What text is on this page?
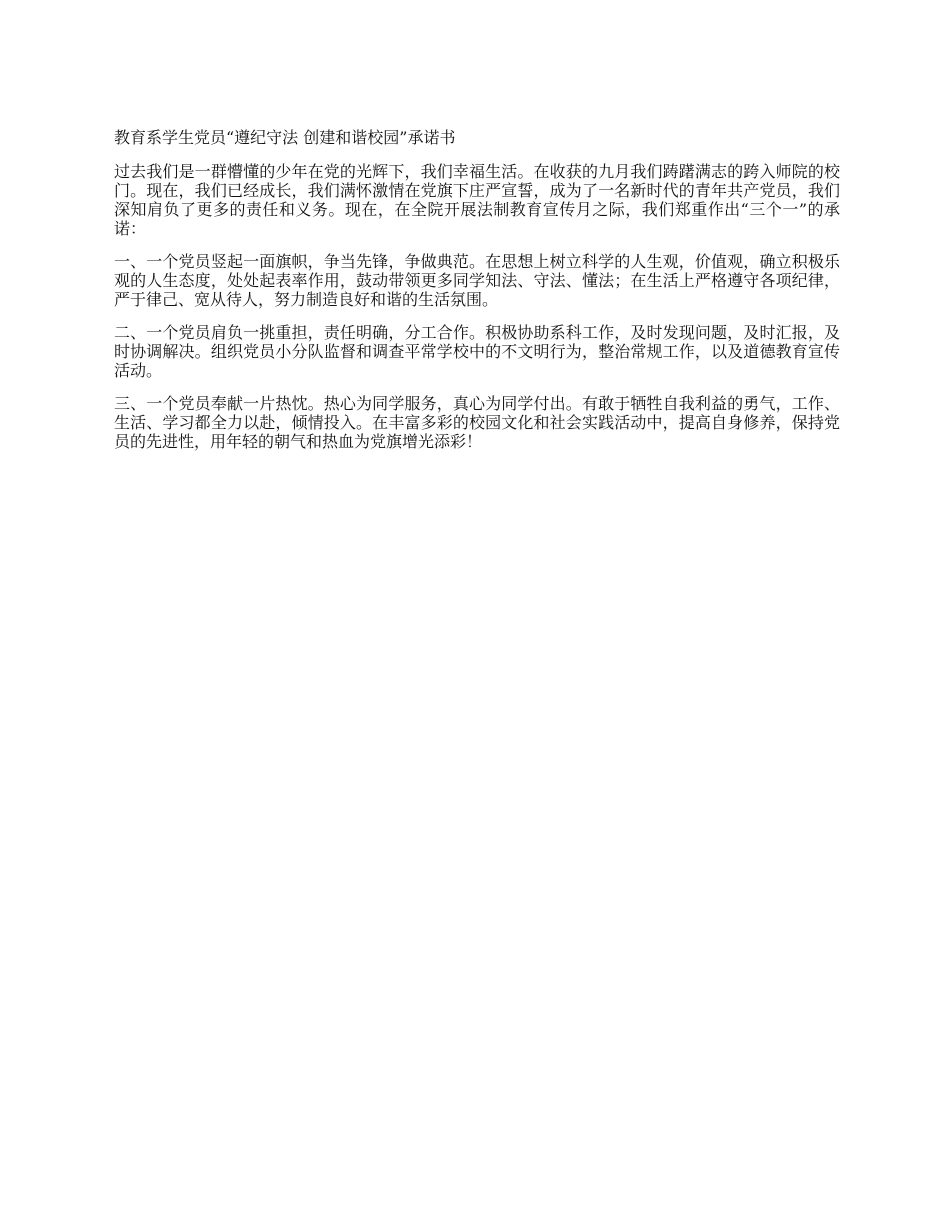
教育系学生党员“遵纪守法 创建和谐校园”承诺书

过去我们是一群懵懂的少年在党的光辉下，我们幸福生活。在收获的九月我们踌躇满志的跨入师院的校门。现在，我们已经成长，我们满怀激情在党旗下庄严宣誓，成为了一名新时代的青年共产党员，我们深知肩负了更多的责任和义务。现在，在全院开展法制教育宣传月之际，我们郑重作出“三个一”的承诺：

一、一个党员竖起一面旗帜，争当先锋，争做典范。在思想上树立科学的人生观，价值观，确立积极乐观的人生态度，处处起表率作用，鼓动带领更多同学知法、守法、懂法；在生活上严格遵守各项纪律，严于律己、宽从待人，努力制造良好和谐的生活氛围。

二、一个党员肩负一挑重担，责任明确，分工合作。积极协助系科工作，及时发现问题，及时汇报，及时协调解决。组织党员小分队监督和调查平常学校中的不文明行为，整治常规工作，以及道德教育宣传活动。

三、一个党员奉献一片热忱。热心为同学服务，真心为同学付出。有敢于牺牲自我利益的勇气，工作、生活、学习都全力以赴，倾情投入。在丰富多彩的校园文化和社会实践活动中，提高自身修养，保持党员的先进性，用年轻的朝气和热血为党旗增光添彩！
